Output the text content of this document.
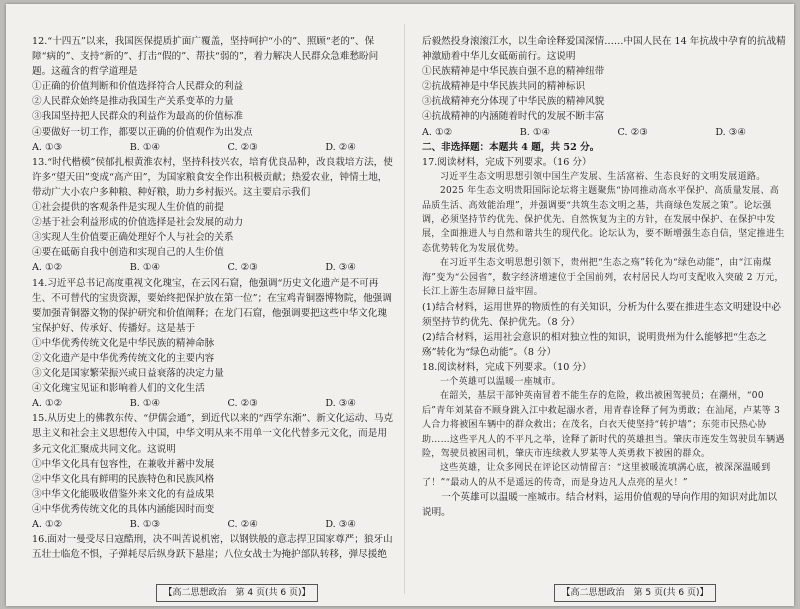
12.“十四五”以来，我国医保提质扩面广覆盖，坚持呵护“小的”、照顾“老的”、保障“病的”、支持“新的”、打击“假的”、帮扶“弱的”，着力解决人民群众急难愁盼问题。这蕴含的哲学道理是

①正确的价值判断和价值选择符合人民群众的利益

②人民群众始终是推动我国生产关系变革的力量

③我国坚持把人民群众的利益作为最高的价值标准

④要做好一切工作，都要以正确的价值观作为出发点

A. ①③	B. ①④	C. ②③	D. ②④

13.“时代楷模”侯郁扎根黄淮农村，坚持科技兴农，培育优良品种，改良栽培方法，使许多“望天田”变成“高产田”，为国家粮食安全作出积极贡献；热爱农业，钟情土地，带动广大小农户多种粮、种好粮，助力乡村振兴。这主要启示我们

①社会提供的客观条件是实现人生价值的前提

②基于社会利益形成的价值选择是社会发展的动力

③实现人生价值要正确处理好个人与社会的关系

④要在砥砺自我中创造和实现自己的人生价值

A. ①②	B. ①④	C. ②③	D. ③④

14.习近平总书记高度重视文化瑰宝，在云冈石窟，他强调“历史文化遗产是不可再生、不可替代的宝贵资源，要始终把保护放在第一位”；在宝鸡青铜器博物院，他强调要加强青铜器文物的保护研究和价值阐释；在龙门石窟，他强调要把这些中华文化瑰宝保护好、传承好、传播好。这是基于

①中华优秀传统文化是中华民族的精神命脉

②文化遗产是中华优秀传统文化的主要内容

③文化是国家繁荣振兴或日益衰落的决定力量

④文化瑰宝见证和影响着人们的文化生活

A. ①②	B. ①④	C. ②③	D. ③④

15.从历史上的佛教东传、“伊儒会通”，到近代以来的“西学东渐”、新文化运动、马克思主义和社会主义思想传入中国，中华文明从来不用单一文化代替多元文化，而是用多元文化汇聚成共同文化。这说明

①中华文化具有包容性，在兼收并蓄中发展

②中华文化具有鲜明的民族特色和民族风格

③中华文化能吸收借鉴外来文化的有益成果

④中华优秀传统文化的具体内涵能因时而变

A. ①②	B. ①③	C. ②④	D. ③④

16.面对一曼受尽日寇酷刑，决不叫苦说机密，以钢铁般的意志捍卫国家尊严；狼牙山五壮士临危不惧，子弹耗尽后纵身跃下悬崖；八位女战士为掩护部队转移，弹尽援绝

【高二思想政治　第 4 页(共 6 页)】

后毅然投身滚滚江水，以生命诠释爱国深情……中国人民在 14 年抗战中孕育的抗战精神激励着中华儿女砥砺前行。这说明

①民族精神是中华民族自强不息的精神纽带

②抗战精神是中华民族共同的精神标识

③抗战精神充分体现了中华民族的精神风貌

④抗战精神的内涵随着时代的发展不断丰富

A. ①②	B. ①④	C. ②③	D. ③④

二、非选择题：本题共 4 题，共 52 分。

17.阅读材料，完成下列要求。（16 分）

习近平生态文明思想引领中国生产发展、生活富裕、生态良好的文明发展道路。

2025 年生态文明贵阳国际论坛将主题聚焦“协同推动高水平保护、高质量发展、高品质生活、高效能治理”，并强调要“共筑生态文明之基，共商绿色发展之策”。论坛强调，必须坚持节约优先、保护优先、自然恢复为主的方针，在发展中保护、在保护中发展，全面推进人与自然和谐共生的现代化。论坛认为，要不断增强生态自信，坚定推进生态优势转化为发展优势。

在习近平生态文明思想引领下，贵州把“生态之殇”转化为“绿色动能”，由“江南煤海”变为“公园省”，数字经济增速位于全国前列，农村居民人均可支配收入突破 2 万元，长江上游生态屏障日益牢固。

(1)结合材料，运用世界的物质性的有关知识，分析为什么要在推进生态文明建设中必须坚持节约优先、保护优先。（8 分）

(2)结合材料，运用社会意识的相对独立性的知识，说明贵州为什么能够把“生态之殇”转化为“绿色动能”。（8 分）

18.阅读材料，完成下列要求。（10 分）

一个英雄可以温暖一座城市。

在韶关，基层干部钟英南冒着不能生存的危险，救出被困驾驶员；在潮州，“00 后”青年刘某奋不顾身跳入江中救起溺水者，用青春诠释了何为勇敢；在汕尾，卢某等 3 人合力将被困车辆中的群众救出；在茂名，白衣天使坚持“转护墙”；东莞市民热心协助……这些平凡人的不平凡之举，诠释了新时代的英雄担当。肇庆市连发生驾驶员车辆遇险，驾驶员被困司机，肇庆市连续救人罗某等人英勇救下被困的群众。

这些英雄，让众多网民在评论区动情留言：“这里被暖流填满心底，被深深温暖到了！”“最动人的从不是遥远的传奇，而是身边凡人点亮的星火！”

一个英雄可以温暖一座城市。结合材料，运用价值观的导向作用的知识对此加以说明。

【高二思想政治　第 5 页(共 6 页)】
